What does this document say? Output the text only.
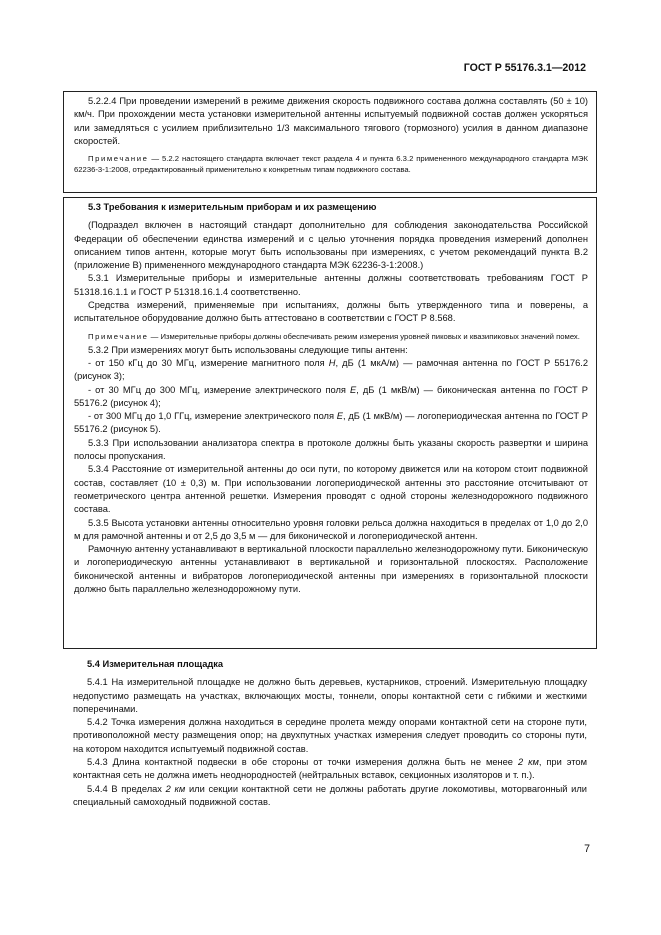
ГОСТ Р 55176.3.1—2012

5.2.2.4 При проведении измерений в режиме движения скорость подвижного состава должна составлять (50 ± 10) км/ч. При прохождении места установки измерительной антенны испытуемый подвижной состав должен ускоряться или замедляться с усилием приблизительно 1/3 максимального тягового (тормозного) усилия в данном диапазоне скоростей.

Примечание — 5.2.2 настоящего стандарта включает текст раздела 4 и пункта 6.3.2 примененного международного стандарта МЭК 62236-3-1:2008, отредактированный применительно к конкретным типам подвижного состава.

5.3 Требования к измерительным приборам и их размещению

(Подраздел включен в настоящий стандарт дополнительно для соблюдения законодательства Российской Федерации об обеспечении единства измерений и с целью уточнения порядка проведения измерений дополнен описанием типов антенн, которые могут быть использованы при измерениях, с учетом рекомендаций пункта В.2 (приложение В) примененного международного стандарта МЭК 62236-3-1:2008.)

5.3.1 Измерительные приборы и измерительные антенны должны соответствовать требованиям ГОСТ Р 51318.16.1.1 и ГОСТ Р 51318.16.1.4 соответственно.

Средства измерений, применяемые при испытаниях, должны быть утвержденного типа и поверены, а испытательное оборудование должно быть аттестовано в соответствии с ГОСТ Р 8.568.

Примечание — Измерительные приборы должны обеспечивать режим измерения уровней пиковых и квазипиковых значений помех.

5.3.2 При измерениях могут быть использованы следующие типы антенн:

- от 150 кГц до 30 МГц, измерение магнитного поля H, дБ (1 мкА/м) — рамочная антенна по ГОСТ Р 55176.2 (рисунок 3);

- от 30 МГц до 300 МГц, измерение электрического поля E, дБ (1 мкВ/м) — биконическая антенна по ГОСТ Р 55176.2 (рисунок 4);

- от 300 МГц до 1,0 ГГц, измерение электрического поля E, дБ (1 мкВ/м) — логопериодическая антенна по ГОСТ Р 55176.2 (рисунок 5).

5.3.3 При использовании анализатора спектра в протоколе должны быть указаны скорость развертки и ширина полосы пропускания.

5.3.4 Расстояние от измерительной антенны до оси пути, по которому движется или на котором стоит подвижной состав, составляет (10 ± 0,3) м. При использовании логопериодической антенны это расстояние отсчитывают от геометрического центра антенной решетки. Измерения проводят с одной стороны железнодорожного подвижного состава.

5.3.5 Высота установки антенны относительно уровня головки рельса должна находиться в пределах от 1,0 до 2,0 м для рамочной антенны и от 2,5 до 3,5 м — для биконической и логопериодической антенн.

Рамочную антенну устанавливают в вертикальной плоскости параллельно железнодорожному пути. Биконическую и логопериодическую антенны устанавливают в вертикальной и горизонтальной плоскостях. Расположение биконической антенны и вибраторов логопериодической антенны при измерениях в горизонтальной плоскости должно быть параллельно железнодорожному пути.

5.4 Измерительная площадка

5.4.1 На измерительной площадке не должно быть деревьев, кустарников, строений. Измерительную площадку недопустимо размещать на участках, включающих мосты, тоннели, опоры контактной сети с гибкими и жесткими поперечинами.

5.4.2 Точка измерения должна находиться в середине пролета между опорами контактной сети на стороне пути, противоположной месту размещения опор; на двухпутных участках измерения следует проводить со стороны пути, на котором находится испытуемый подвижной состав.

5.4.3 Длина контактной подвески в обе стороны от точки измерения должна быть не менее 2 км, при этом контактная сеть не должна иметь неоднородностей (нейтральных вставок, секционных изоляторов и т. п.).

5.4.4 В пределах 2 км или секции контактной сети не должны работать другие локомотивы, моторвагонный или специальный самоходный подвижной состав.

7
